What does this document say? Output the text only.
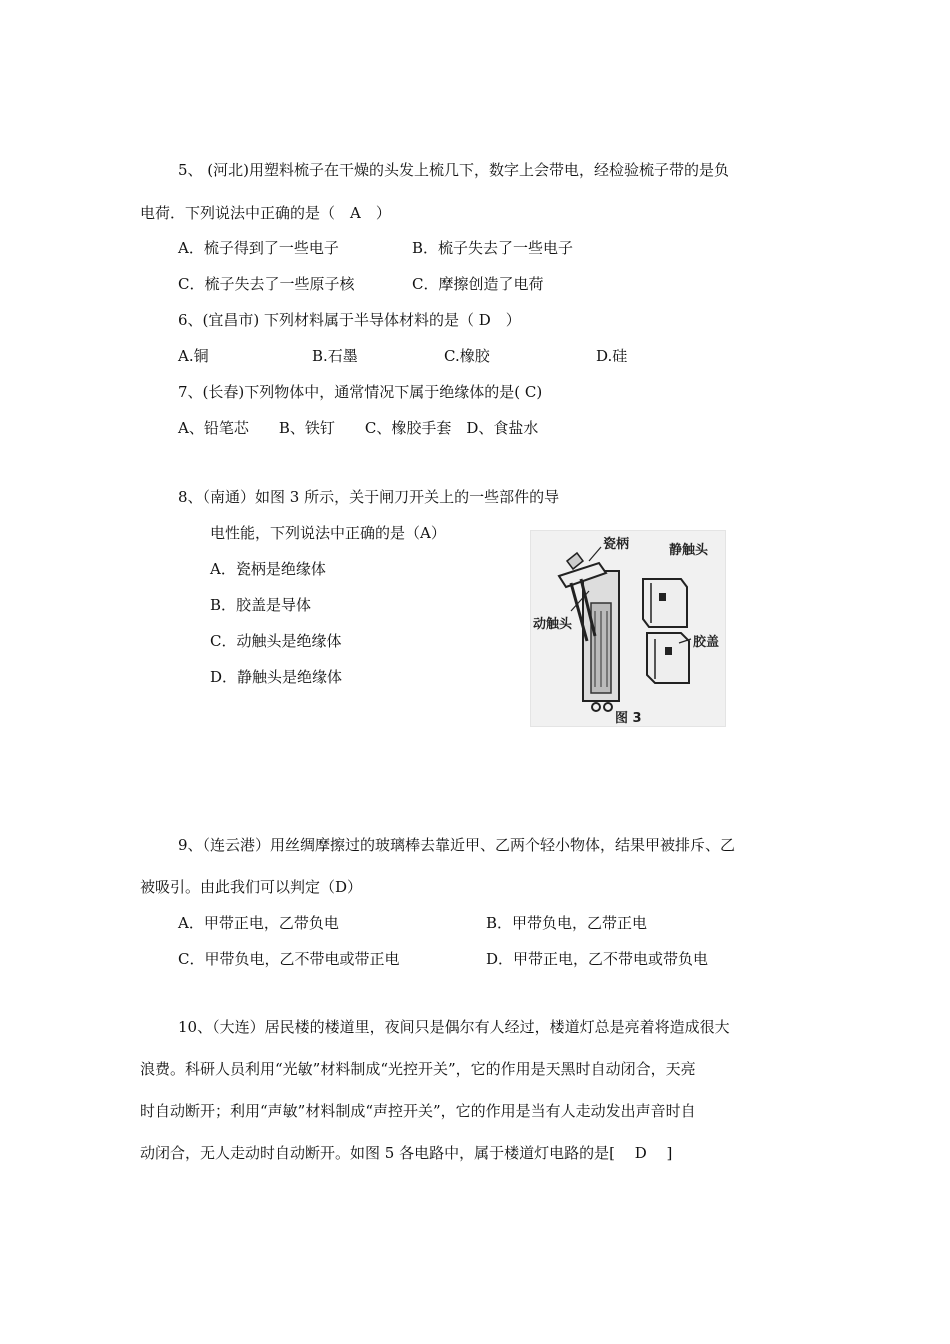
5、 (河北)用塑料梳子在干燥的头发上梳几下，数字上会带电，经检验梳子带的是负
电荷．下列说法中正确的是（　A　）
A．梳子得到了一些电子	B．梳子失去了一些电子
C．梳子失去了一些原子核	C．摩擦创造了电荷
6、(宜昌市) 下列材料属于半导体材料的是（ D　）
A.铜	B.石墨	C.橡胶	D.硅
7、(长春)下列物体中，通常情况下属于绝缘体的是( C)
A、铅笔芯　　B、铁钉　　C、橡胶手套　D、食盐水
8、（南通）如图 3 所示，关于闸刀开关上的一些部件的导
电性能，下列说法中正确的是（A）
A．瓷柄是绝缘体
B．胶盖是导体
C．动触头是绝缘体
D．静触头是绝缘体
瓷柄	静触头
动触头
胶盖
图 3
9、（连云港）用丝绸摩擦过的玻璃棒去靠近甲、乙两个轻小物体，结果甲被排斥、乙
被吸引。由此我们可以判定（D）
A．甲带正电，乙带负电	B．甲带负电，乙带正电
C．甲带负电，乙不带电或带正电	D．甲带正电，乙不带电或带负电
10、（大连）居民楼的楼道里，夜间只是偶尔有人经过，楼道灯总是亮着将造成很大
浪费。科研人员利用“光敏”材料制成“光控开关”，它的作用是天黑时自动闭合，天亮
时自动断开；利用“声敏”材料制成“声控开关”，它的作用是当有人走动发出声音时自
动闭合，无人走动时自动断开。如图 5 各电路中，属于楼道灯电路的是[　 D　 ]
